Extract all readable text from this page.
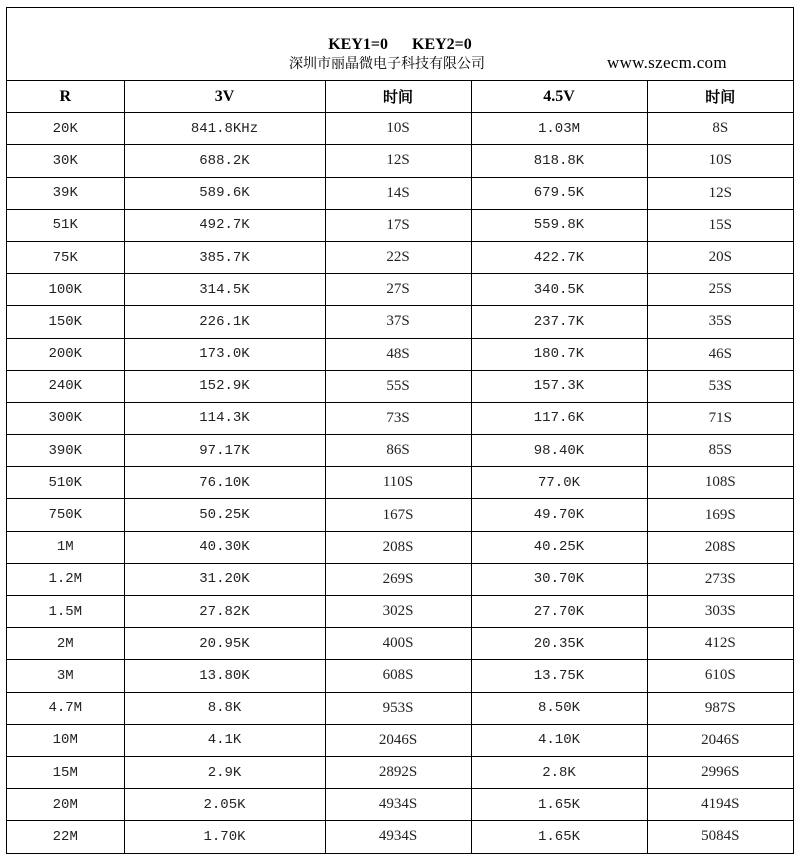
KEY1=0      KEY2=0
深圳市丽晶微电子科技有限公司	www.szecm.com
R	3V	时间	4.5V	时间
20K	841.8KHz	10S	1.03M	8S
30K	688.2K	12S	818.8K	10S
39K	589.6K	14S	679.5K	12S
51K	492.7K	17S	559.8K	15S
75K	385.7K	22S	422.7K	20S
100K	314.5K	27S	340.5K	25S
150K	226.1K	37S	237.7K	35S
200K	173.0K	48S	180.7K	46S
240K	152.9K	55S	157.3K	53S
300K	114.3K	73S	117.6K	71S
390K	97.17K	86S	98.40K	85S
510K	76.10K	110S	77.0K	108S
750K	50.25K	167S	49.70K	169S
1M	40.30K	208S	40.25K	208S
1.2M	31.20K	269S	30.70K	273S
1.5M	27.82K	302S	27.70K	303S
2M	20.95K	400S	20.35K	412S
3M	13.80K	608S	13.75K	610S
4.7M	8.8K	953S	8.50K	987S
10M	4.1K	2046S	4.10K	2046S
15M	2.9K	2892S	2.8K	2996S
20M	2.05K	4934S	1.65K	4194S
22M	1.70K	4934S	1.65K	5084S
